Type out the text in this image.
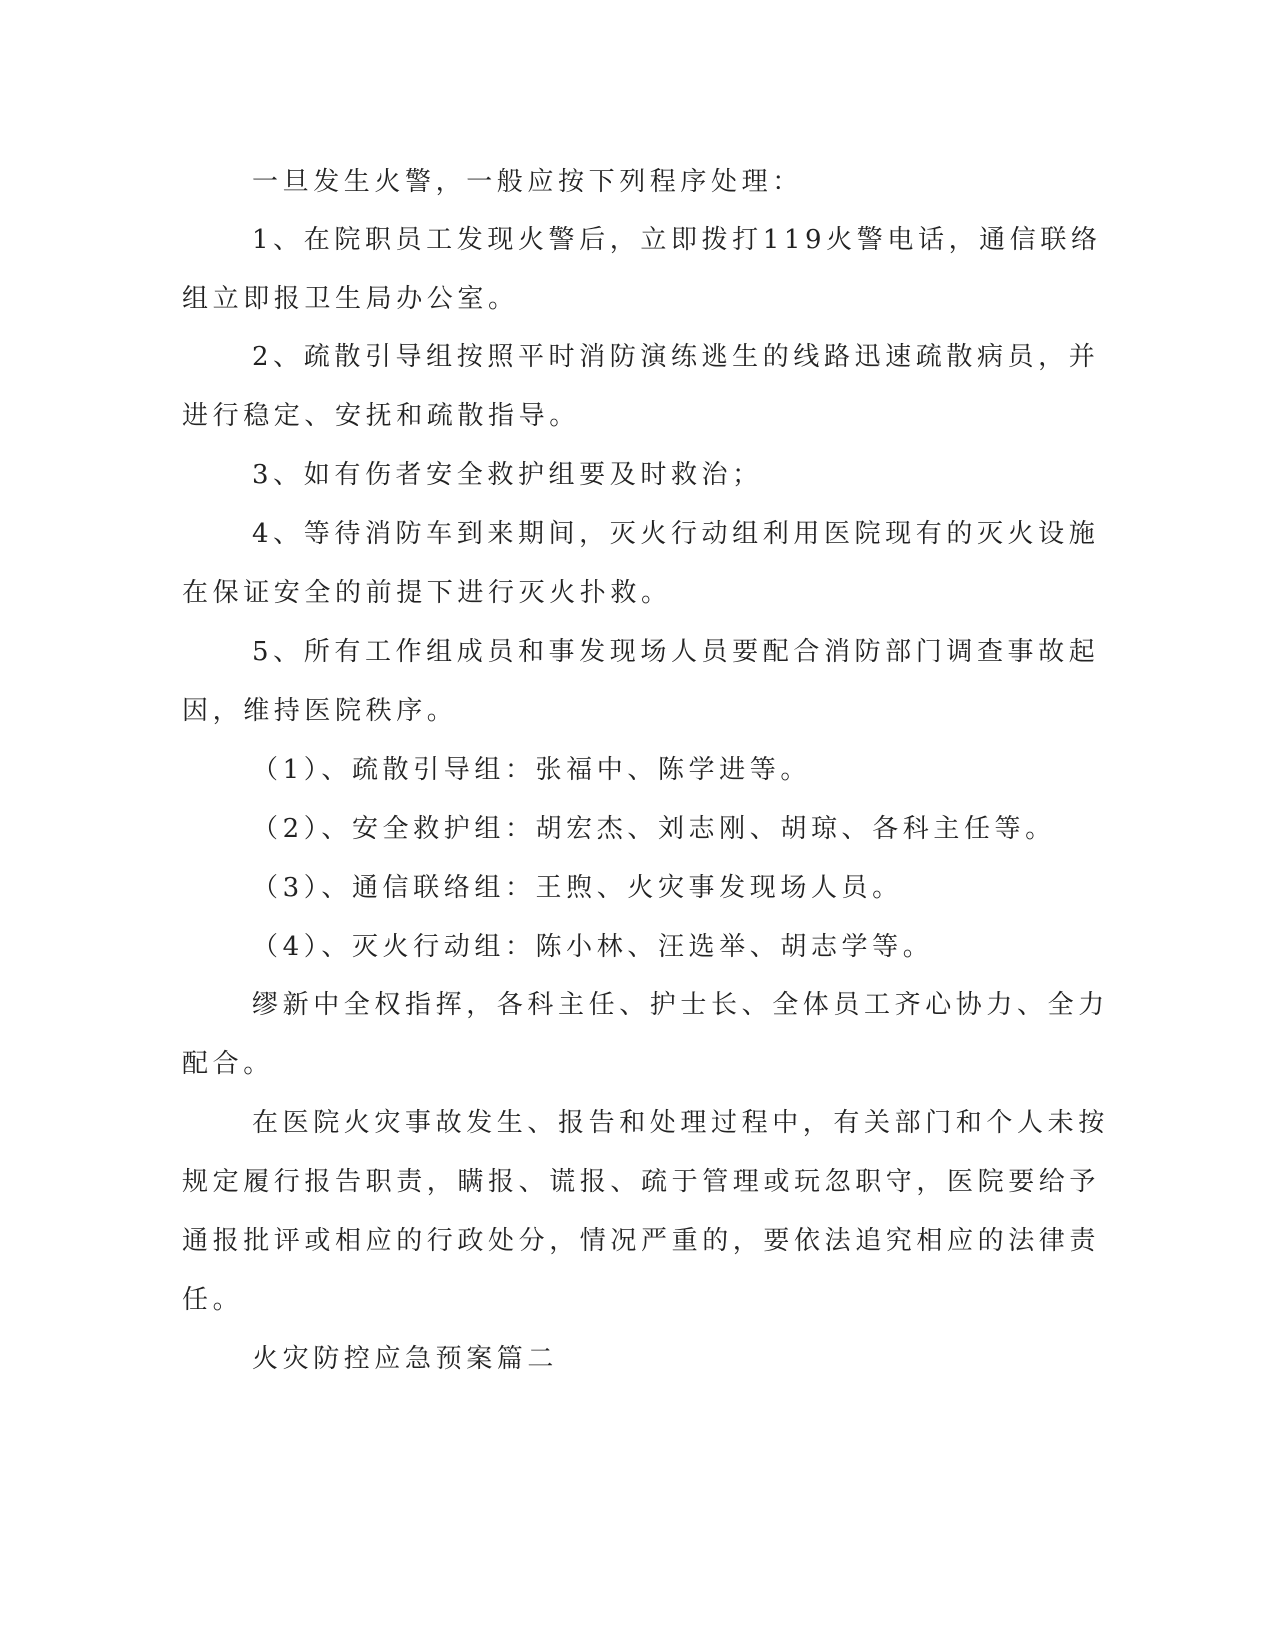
一旦发生火警，一般应按下列程序处理：
1、在院职员工发现火警后，立即拨打119火警电话，通信联络
组立即报卫生局办公室。
2、疏散引导组按照平时消防演练逃生的线路迅速疏散病员，并
进行稳定、安抚和疏散指导。
3、如有伤者安全救护组要及时救治；
4、等待消防车到来期间，灭火行动组利用医院现有的灭火设施
在保证安全的前提下进行灭火扑救。
5、所有工作组成员和事发现场人员要配合消防部门调查事故起
因，维持医院秩序。
（1）、疏散引导组：张福中、陈学进等。
（2）、安全救护组：胡宏杰、刘志刚、胡琼、各科主任等。
（3）、通信联络组：王煦、火灾事发现场人员。
（4）、灭火行动组：陈小林、汪选举、胡志学等。
缪新中全权指挥，各科主任、护士长、全体员工齐心协力、全力
配合。
在医院火灾事故发生、报告和处理过程中，有关部门和个人未按
规定履行报告职责，瞒报、谎报、疏于管理或玩忽职守，医院要给予
通报批评或相应的行政处分，情况严重的，要依法追究相应的法律责
任。
火灾防控应急预案篇二
